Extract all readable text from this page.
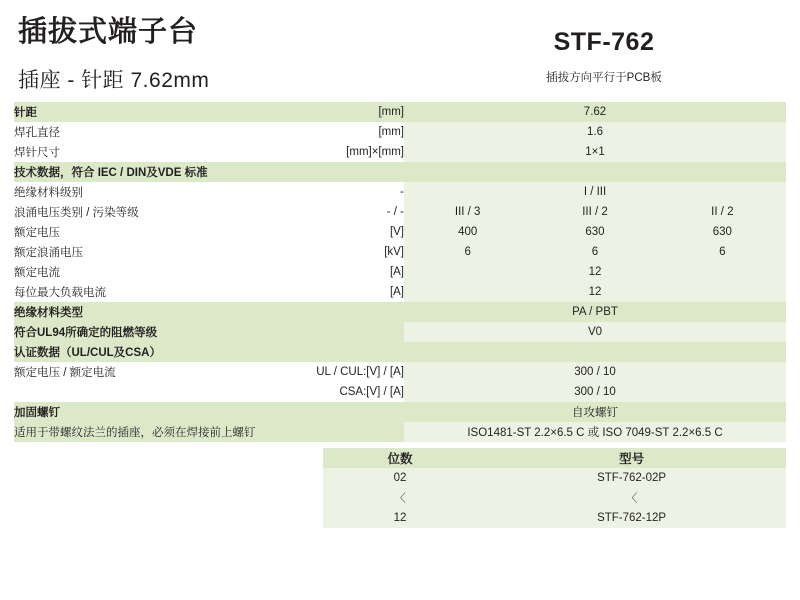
插拔式端子台
插座 - 针距 7.62mm
STF-762
插拔方向平行于PCB板
针距	[mm]	7.62		
焊孔直径	[mm]	1.6		
焊针尺寸	[mm]×[mm]	1×1		
技术数据，符合 IEC / DIN及VDE 标准				
绝缘材料级别	-	I / III		
浪涌电压类别 / 污染等级	- / -	III / 3	III / 2	II / 2
额定电压	[V]	400	630	630
额定浪涌电压	[kV]	6	6	6
额定电流	[A]	12		
每位最大负载电流	[A]	12		
绝缘材料类型		PA / PBT		
符合UL94所确定的阻燃等级		V0		
认证数据（UL/CUL及CSA）				
额定电压 / 额定电流	UL / CUL:[V] / [A]	300 / 10		
	CSA:[V] / [A]	300 / 10		
加固螺钉		自攻螺钉		
适用于带螺纹法兰的插座，必须在焊接前上螺钉		ISO1481-ST 2.2×6.5 C 或 ISO 7049-ST 2.2×6.5 C		
	位数	型号
	02	STF-762-02P
	〈	〈
	12	STF-762-12P
